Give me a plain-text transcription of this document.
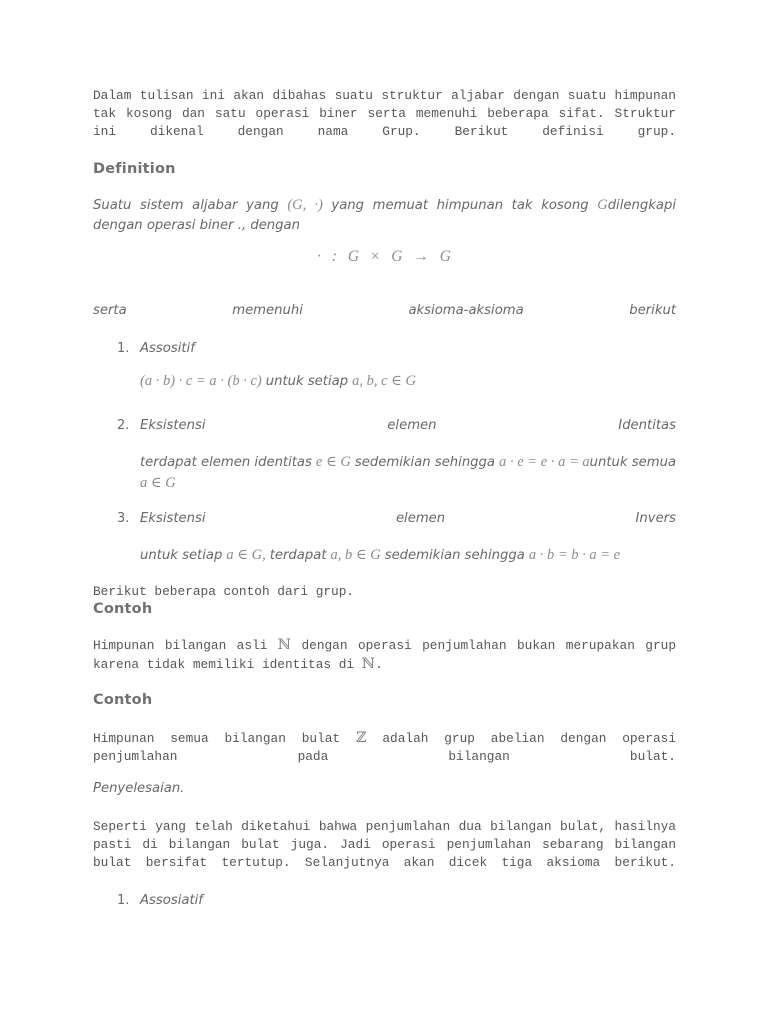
Dalam tulisan ini akan dibahas suatu struktur aljabar dengan suatu himpunan tak kosong dan satu operasi biner serta memenuhi beberapa sifat. Struktur ini dikenal dengan nama Grup. Berikut definisi grup.

Definition

Suatu sistem aljabar yang (G, ·) yang memuat himpunan tak kosong Gdilengkapi dengan operasi biner ., dengan

· : G × G → G

serta memenuhi aksioma-aksioma berikut

1. Assositif
(a · b) · c = a · (b · c) untuk setiap a, b, c ∈ G
2. Eksistensi elemen Identitas
terdapat elemen identitas e ∈ G sedemikian sehingga a · e = e · a = auntuk semua a ∈ G
3. Eksistensi elemen Invers
untuk setiap a ∈ G, terdapat a, b ∈ G sedemikian sehingga a · b = b · a = e

Berikut beberapa contoh dari grup.

Contoh

Himpunan bilangan asli ℕ dengan operasi penjumlahan bukan merupakan grup karena tidak memiliki identitas di ℕ.

Contoh

Himpunan semua bilangan bulat ℤ adalah grup abelian dengan operasi penjumlahan pada bilangan bulat.

Penyelesaian.

Seperti yang telah diketahui bahwa penjumlahan dua bilangan bulat, hasilnya pasti di bilangan bulat juga. Jadi operasi penjumlahan sebarang bilangan bulat bersifat tertutup. Selanjutnya akan dicek tiga aksioma berikut.

1. Assosiatif
